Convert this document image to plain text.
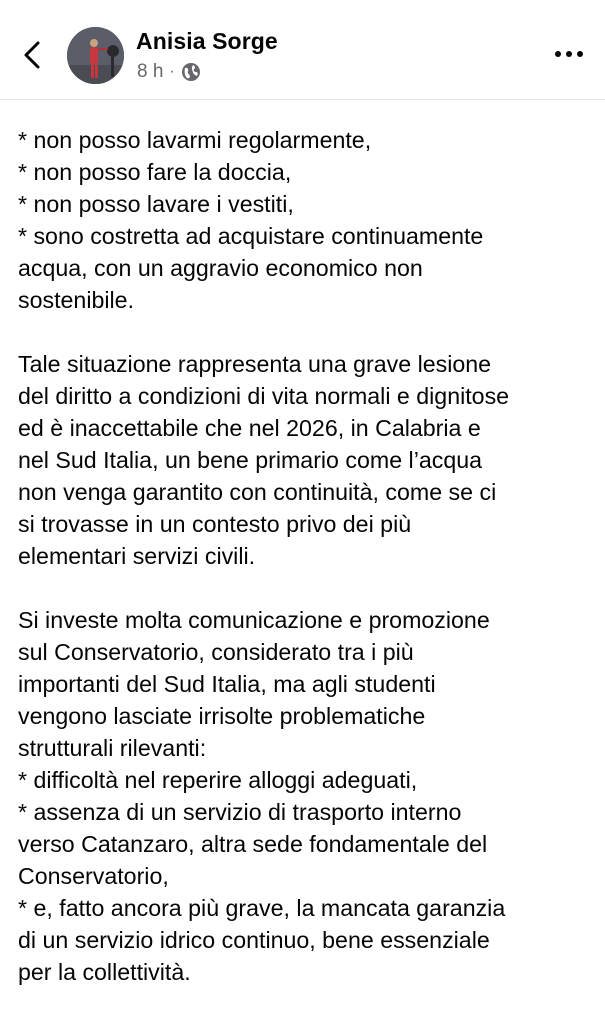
Anisia Sorge
8 h ·
* non posso lavarmi regolarmente,
* non posso fare la doccia,
* non posso lavare i vestiti,
* sono costretta ad acquistare continuamente
acqua, con un aggravio economico non
sostenibile.
Tale situazione rappresenta una grave lesione
del diritto a condizioni di vita normali e dignitose
ed è inaccettabile che nel 2026, in Calabria e
nel Sud Italia, un bene primario come l’acqua
non venga garantito con continuità, come se ci
si trovasse in un contesto privo dei più
elementari servizi civili.
Si investe molta comunicazione e promozione
sul Conservatorio, considerato tra i più
importanti del Sud Italia, ma agli studenti
vengono lasciate irrisolte problematiche
strutturali rilevanti:
* difficoltà nel reperire alloggi adeguati,
* assenza di un servizio di trasporto interno
verso Catanzaro, altra sede fondamentale del
Conservatorio,
* e, fatto ancora più grave, la mancata garanzia
di un servizio idrico continuo, bene essenziale
per la collettività.
